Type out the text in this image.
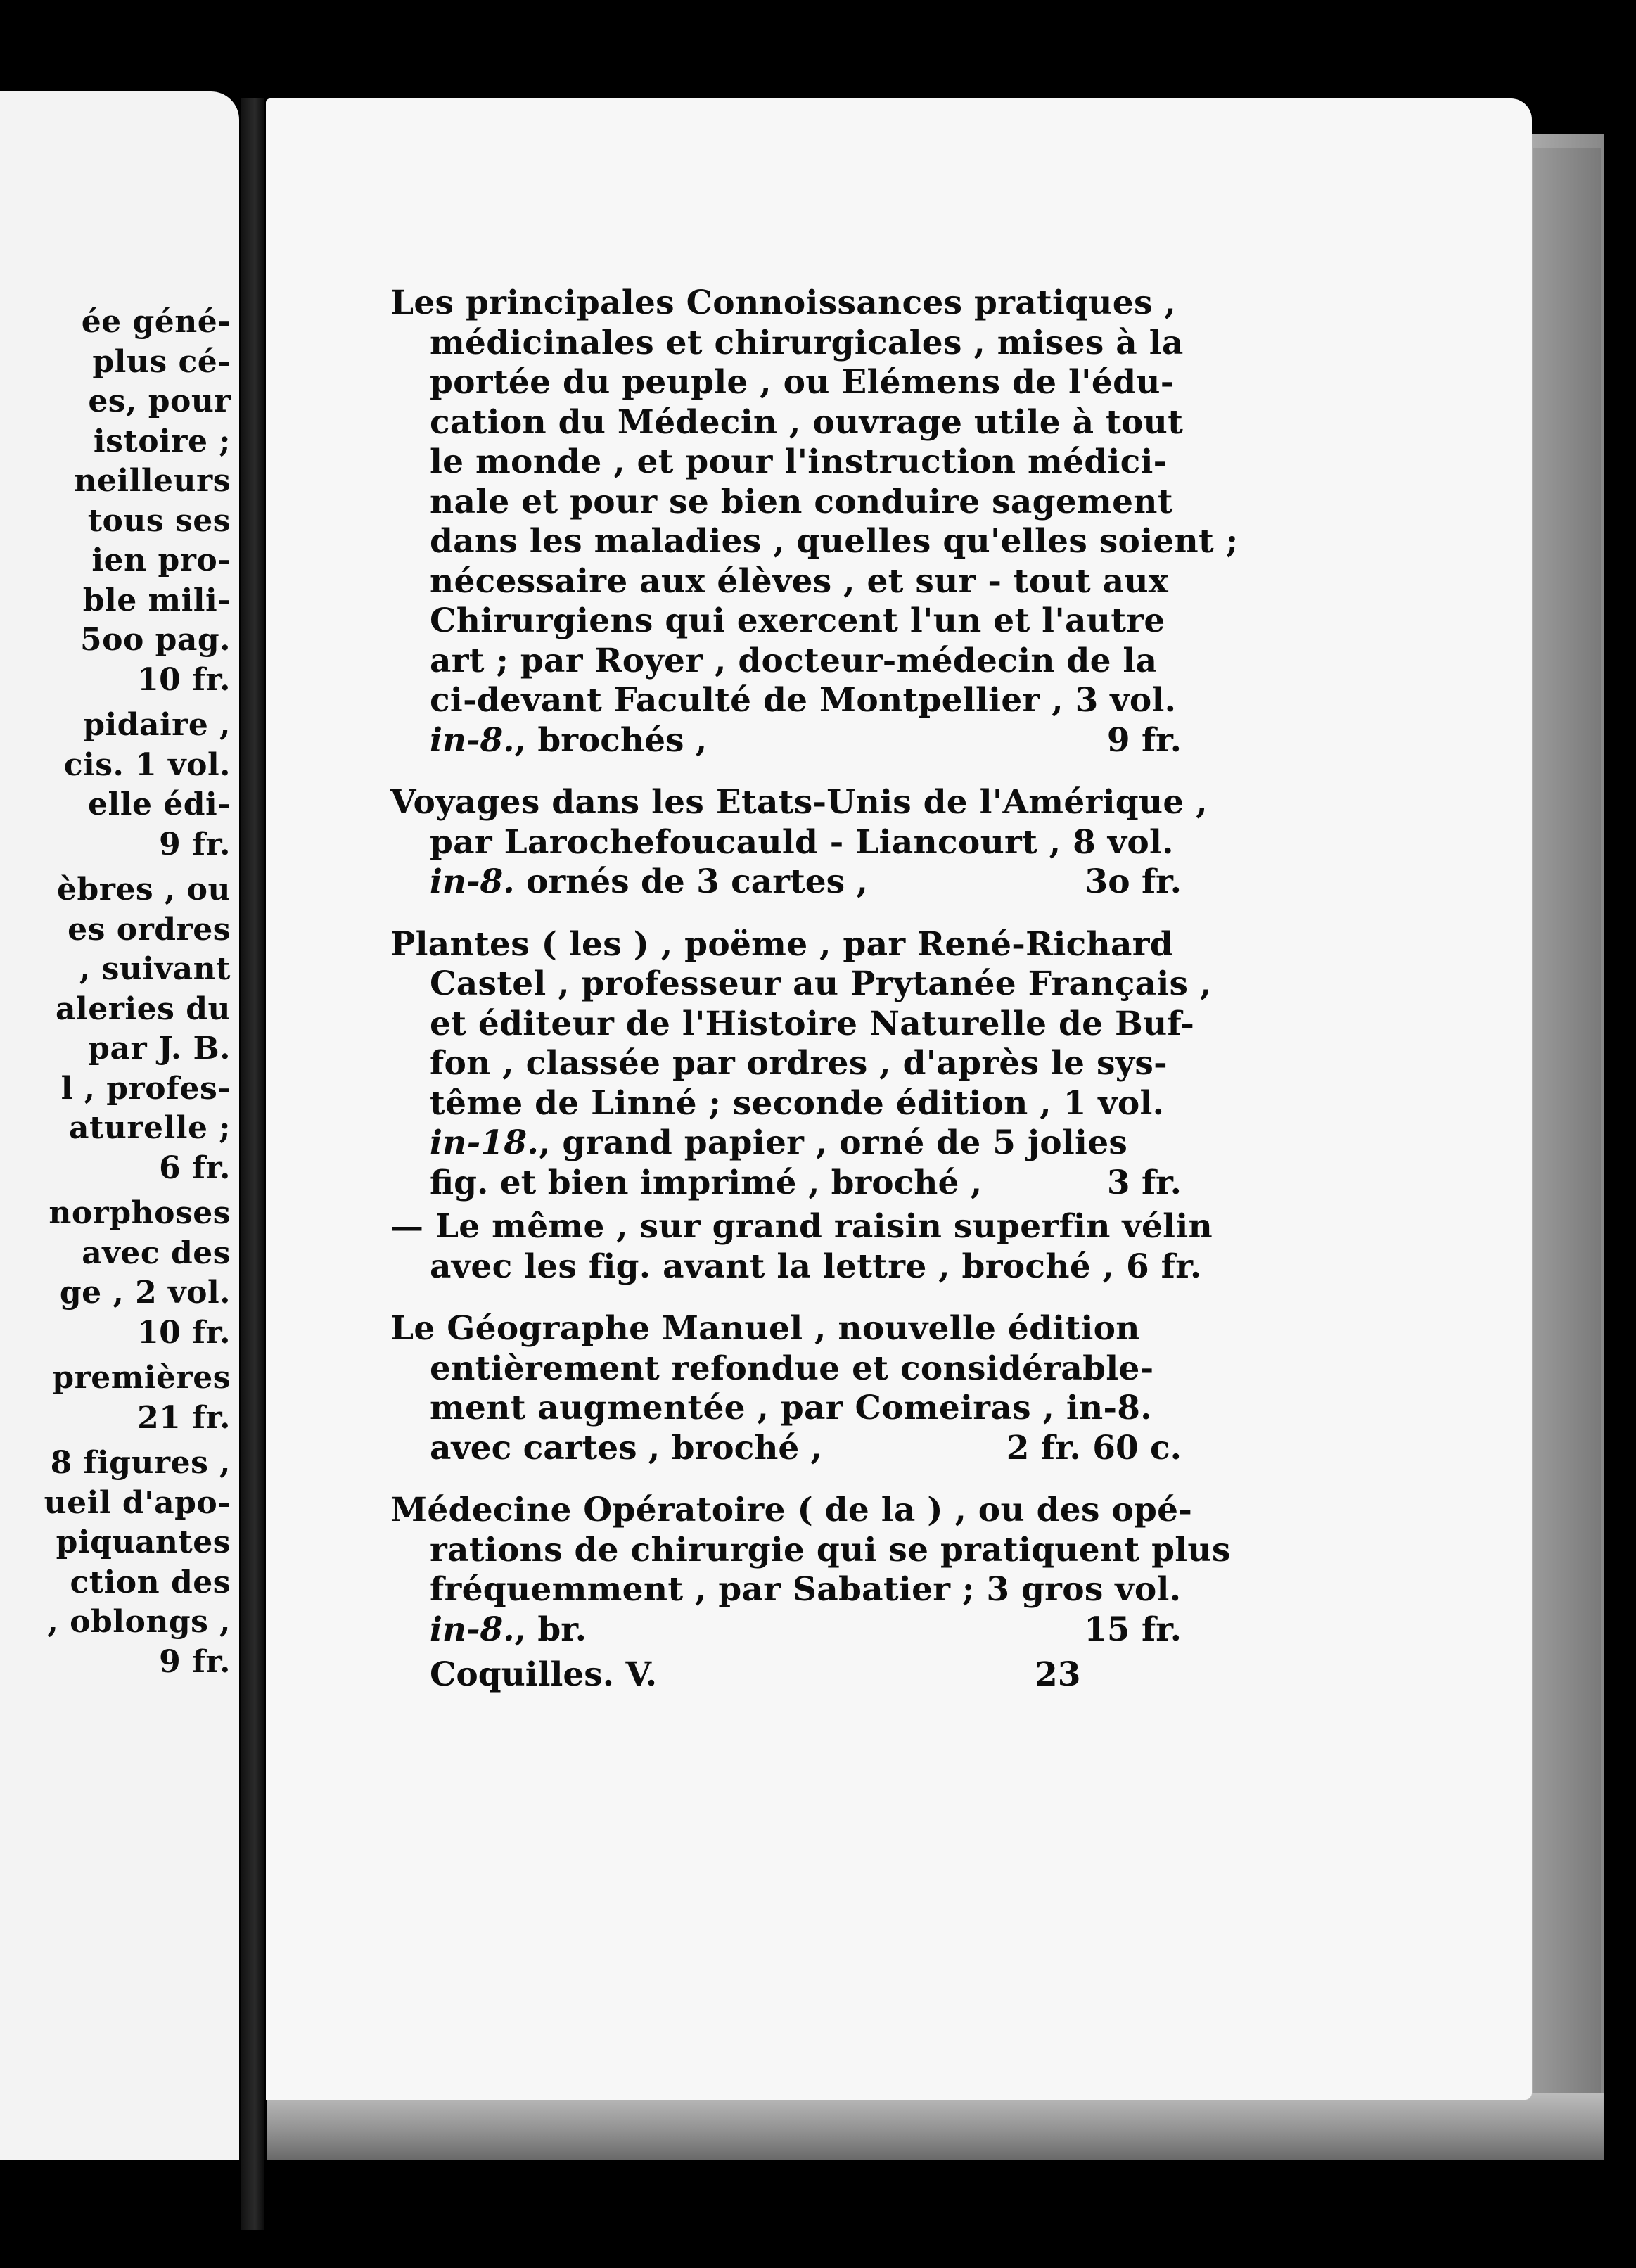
ée géné-
plus cé-
es, pour
istoire ;
neilleurs
tous ses
ien pro-
ble mili-
5oo pag.
10 fr.
pidaire ,
cis. 1 vol.
elle édi-
9 fr.
èbres , ou
es ordres
, suivant
aleries du
par J. B.
l , profes-
aturelle ;
6 fr.
norphoses
avec des
ge , 2 vol.
10 fr.
premières
21 fr.
8 figures ,
ueil d'apo-
piquantes
ction des
, oblongs ,
9 fr.
Les principales Connoissances pratiques ,
médicinales et chirurgicales , mises à la
portée du peuple , ou Elémens de l'édu-
cation du Médecin , ouvrage utile à tout
le monde , et pour l'instruction médici-
nale et pour se bien conduire sagement
dans les maladies , quelles qu'elles soient ;
nécessaire aux élèves , et sur - tout aux
Chirurgiens qui exercent l'un et l'autre
art ; par Royer , docteur-médecin de la
ci-devant Faculté de Montpellier , 3 vol.
in-8., brochés ,	9 fr.
Voyages dans les Etats-Unis de l'Amérique ,
par Larochefoucauld - Liancourt , 8 vol.
in-8. ornés de 3 cartes ,	3o fr.
Plantes ( les ) , poëme , par René-Richard
Castel , professeur au Prytanée Français ,
et éditeur de l'Histoire Naturelle de Buf-
fon , classée par ordres , d'après le sys-
tême de Linné ; seconde édition , 1 vol.
in-18., grand papier , orné de 5 jolies
fig. et bien imprimé , broché ,	3 fr.
— Le même , sur grand raisin superfin vélin
avec les fig. avant la lettre , broché , 6 fr.
Le Géographe Manuel , nouvelle édition
entièrement refondue et considérable-
ment augmentée , par Comeiras , in-8.
avec cartes , broché ,	2 fr. 60 c.
Médecine Opératoire ( de la ) , ou des opé-
rations de chirurgie qui se pratiquent plus
fréquemment , par Sabatier ; 3 gros vol.
in-8., br.	15 fr.
Coquilles. V.	23
